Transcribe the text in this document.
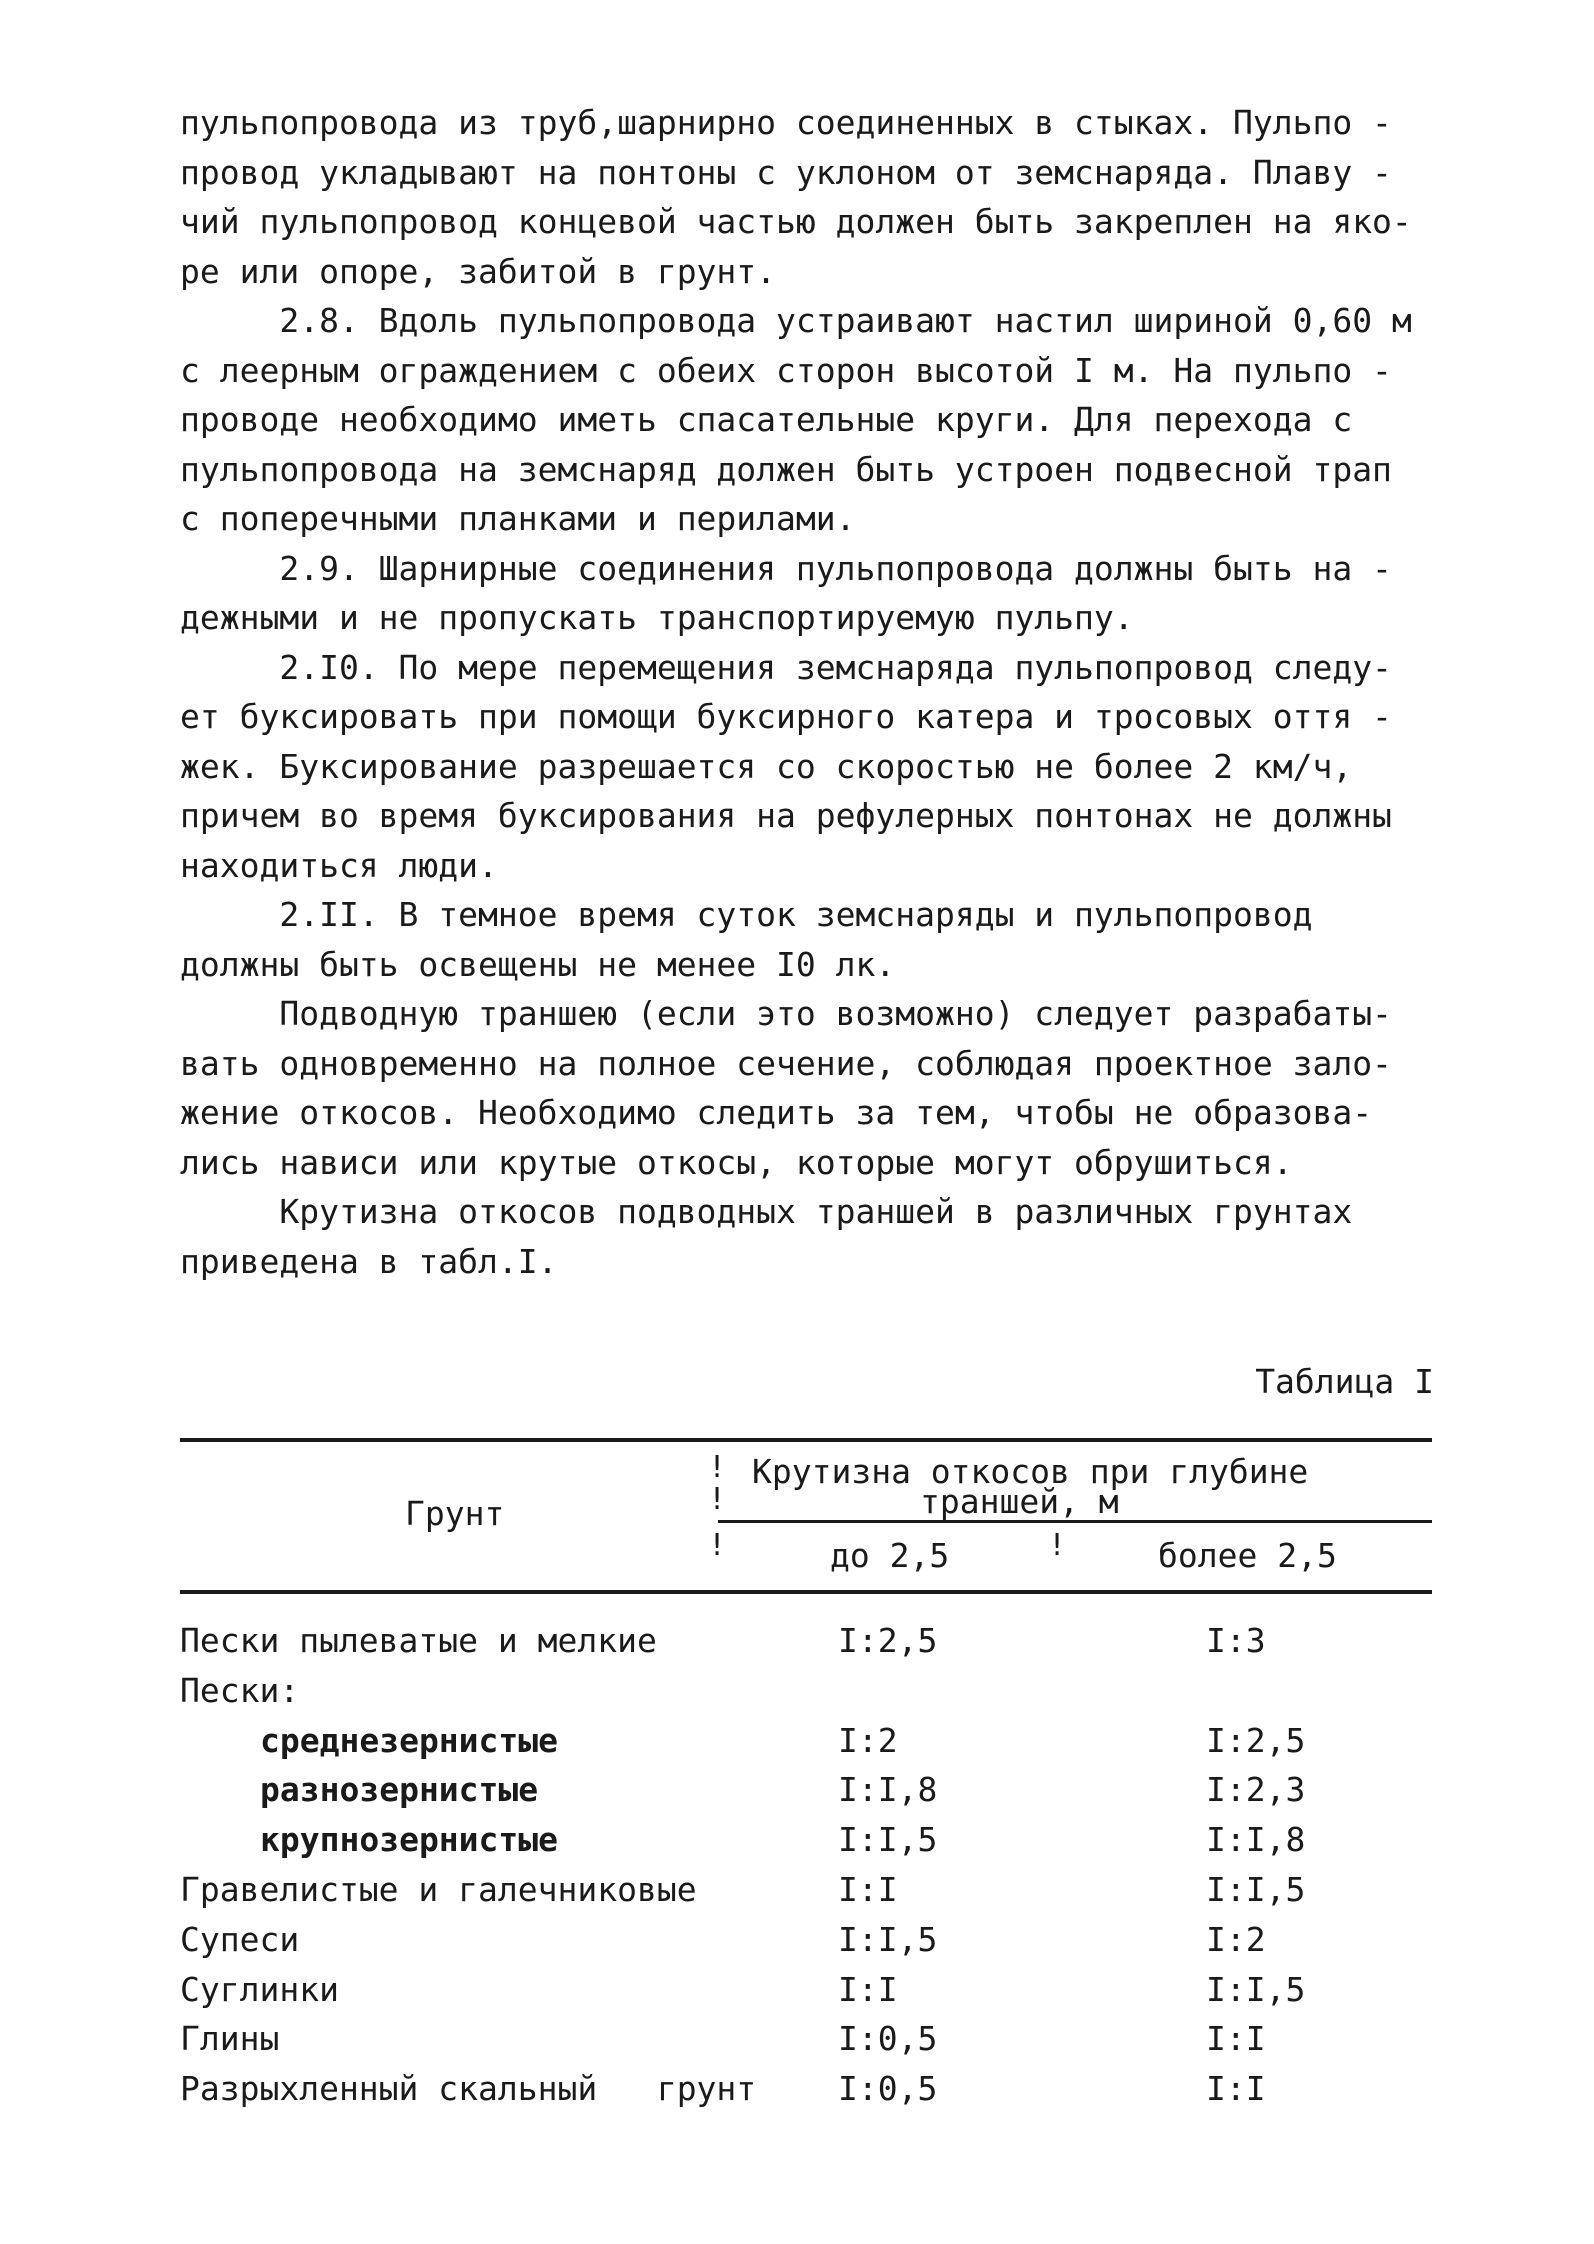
пульпопровода из труб,шарнирно соединенных в стыках. Пульпо -
провод укладывают на понтоны с уклоном от земснаряда. Плаву -
чий пульпопровод концевой частью должен быть закреплен на яко-
ре или опоре, забитой в грунт.
2.8. Вдоль пульпопровода устраивают настил шириной 0,60 м
с леерным ограждением с обеих сторон высотой I м. На пульпо -
проводе необходимо иметь спасательные круги. Для перехода с
пульпопровода на земснаряд должен быть устроен подвесной трап
с поперечными планками и перилами.
2.9. Шарнирные соединения пульпопровода должны быть на -
дежными и не пропускать транспортируемую пульпу.
2.I0. По мере перемещения земснаряда пульпопровод следу-
ет буксировать при помощи буксирного катера и тросовых оття -
жек. Буксирование разрешается со скоростью не более 2 км/ч,
причем во время буксирования на рефулерных понтонах не должны
находиться люди.
2.II. В темное время суток земснаряды и пульпопровод
должны быть освещены не менее I0 лк.
Подводную траншею (если это возможно) следует разрабаты-
вать одновременно на полное сечение, соблюдая проектное зало-
жение откосов. Необходимо следить за тем, чтобы не образова-
лись нависи или крутые откосы, которые могут обрушиться.
Крутизна откосов подводных траншей в различных грунтах
приведена в табл.I.
Таблица I
Грунт
!
!
!	!
Крутизна откосов при глубине
траншей, м
до 2,5	более 2,5
Пески пылеватые и мелкие	I:2,5	I:3
Пески:
среднезернистые	I:2	I:2,5
разнозернистые	I:I,8	I:2,3
крупнозернистые	I:I,5	I:I,8
Гравелистые и галечниковые	I:I	I:I,5
Супеси	I:I,5	I:2
Суглинки	I:I	I:I,5
Глины	I:0,5	I:I
Разрыхленный скальный   грунт I:0,5	I:I
